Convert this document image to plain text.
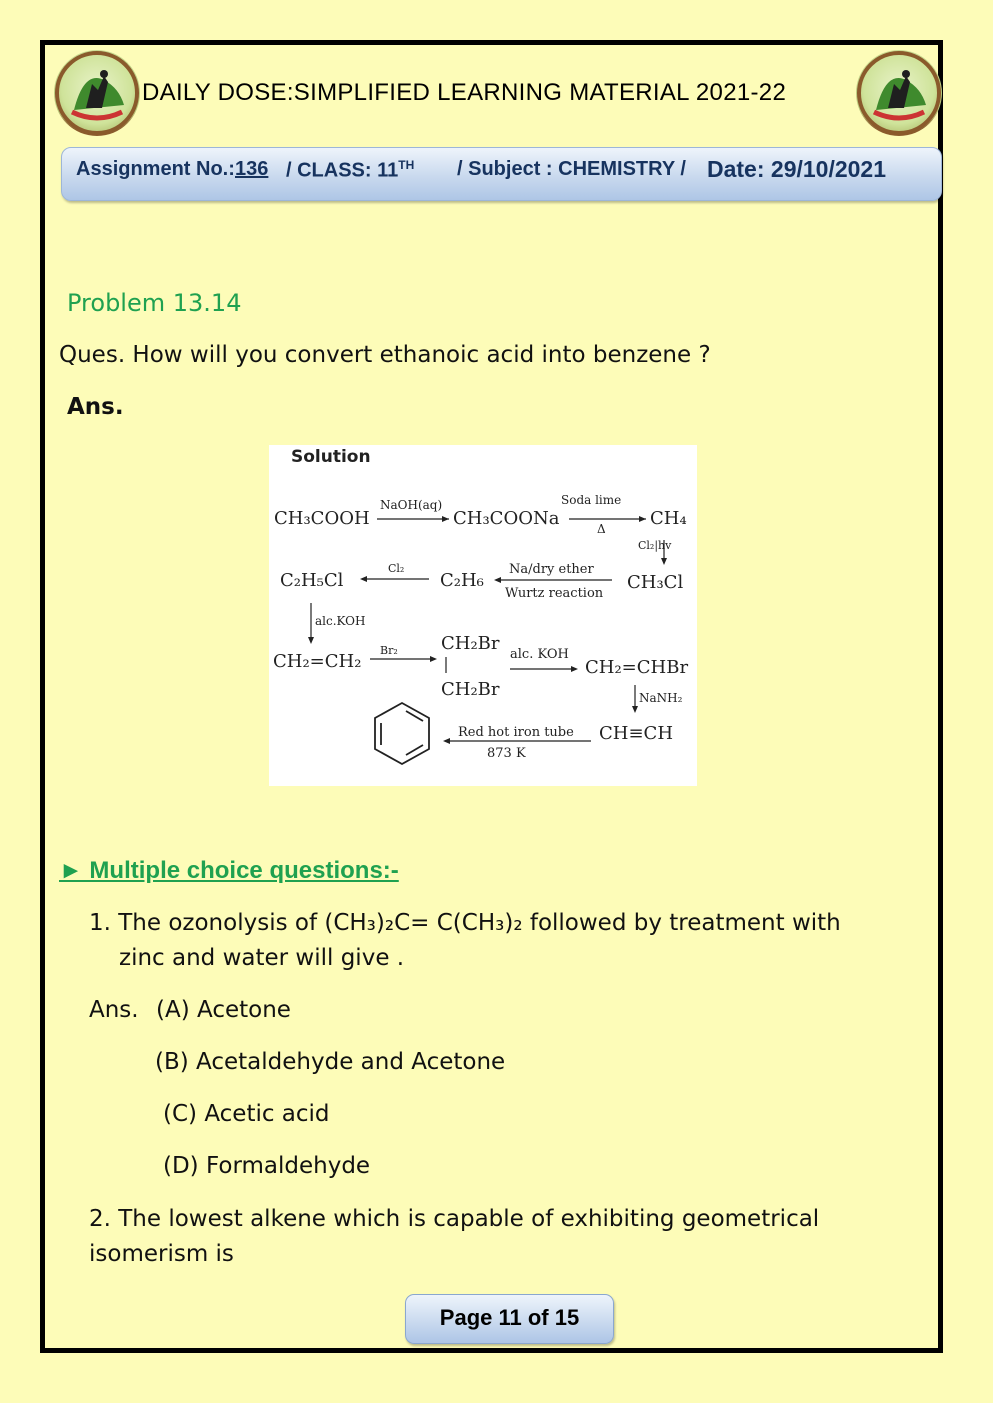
DAILY DOSE:SIMPLIFIED LEARNING MATERIAL 2021-22
Assignment No.: 136 / CLASS: 11TH / Subject : CHEMISTRY / Date: 29/10/2021
Problem 13.14
Ques. How will you convert ethanoic acid into benzene ?
Ans.
Solution
CH₃COOH
NaOH(aq)
CH₃COONa
Soda lime
Δ CH₄
Cl₂|hv
C₂H₅Cl
Cl₂
C₂H₆
Na/dry ether
Wurtz reaction
CH₃Cl
alc.KOH
CH₂=CH₂
Br₂ CH₂Br
CH₂Br
alc. KOH
CH₂=CHBr
NaNH₂
Red hot iron tube
873 K
CH≡CH
► Multiple choice questions:-
1. The ozonolysis of (CH₃)₂C= C(CH₃)₂ followed by treatment with
zinc and water will give .
Ans. (A) Acetone
(B) Acetaldehyde and Acetone
(C) Acetic acid
(D) Formaldehyde
2. The lowest alkene which is capable of exhibiting geometrical
isomerism is
Page 11 of 15
